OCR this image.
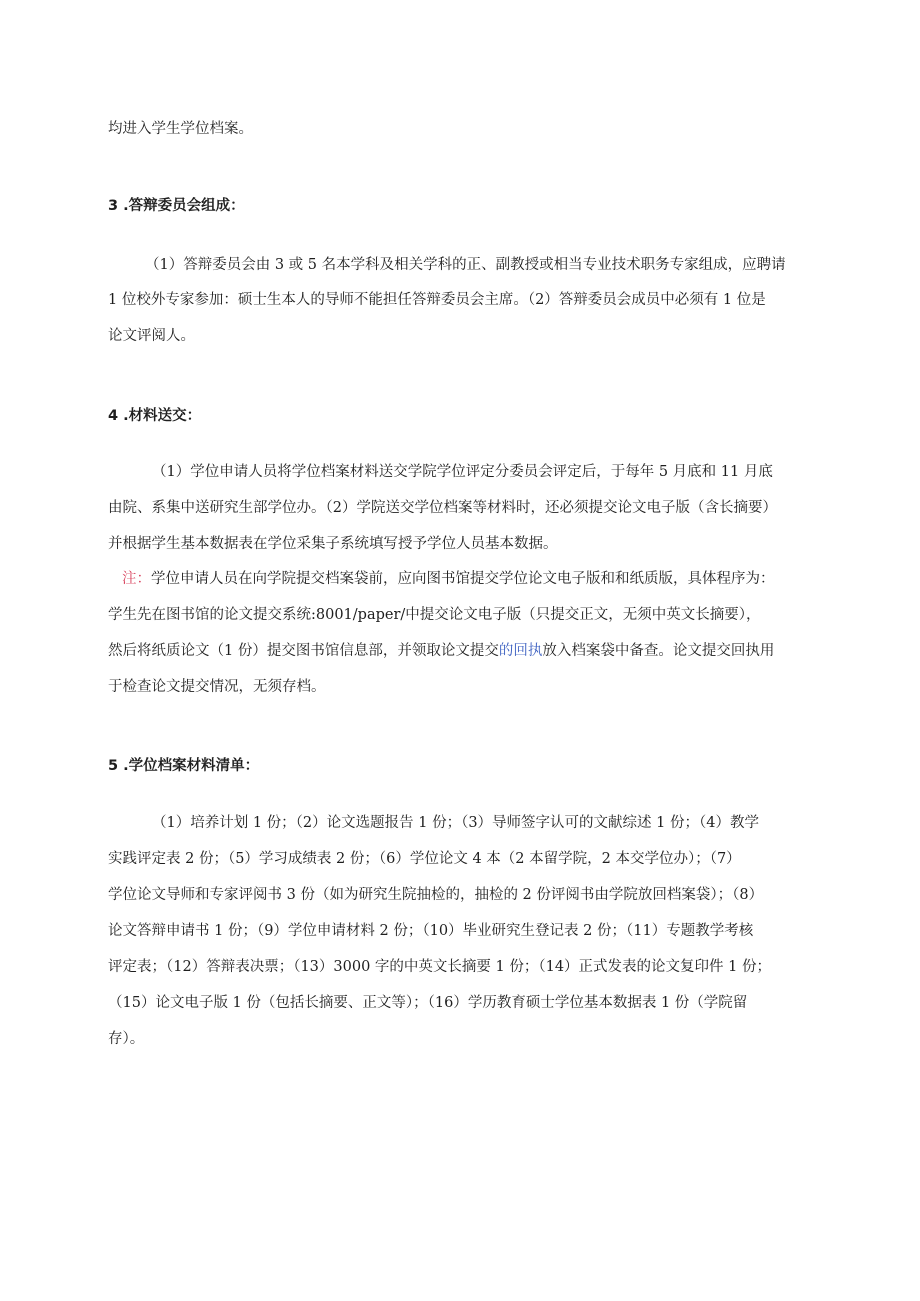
均进入学生学位档案。
3 .答辩委员会组成：
（1）答辩委员会由 3 或 5 名本学科及相关学科的正、副教授或相当专业技术职务专家组成，应聘请
1 位校外专家参加：硕士生本人的导师不能担任答辩委员会主席。（2）答辩委员会成员中必须有 1 位是
论文评阅人。
4 .材料送交：
（1）学位申请人员将学位档案材料送交学院学位评定分委员会评定后，于每年 5 月底和 11 月底
由院、系集中送研究生部学位办。（2）学院送交学位档案等材料时，还必须提交论文电子版（含长摘要）
并根据学生基本数据表在学位采集子系统填写授予学位人员基本数据。
注：学位申请人员在向学院提交档案袋前，应向图书馆提交学位论文电子版和和纸质版，具体程序为：
学生先在图书馆的论文提交系统:8001/paper/中提交论文电子版（只提交正文，无须中英文长摘要），
然后将纸质论文（1 份）提交图书馆信息部，并领取论文提交的回执放入档案袋中备查。论文提交回执用
于检查论文提交情况，无须存档。
5 .学位档案材料清单：
（1）培养计划 1 份；（2）论文选题报告 1 份；（3）导师签字认可的文献综述 1 份；（4）教学
实践评定表 2 份；（5）学习成绩表 2 份；（6）学位论文 4 本（2 本留学院，2 本交学位办）；（7）
学位论文导师和专家评阅书 3 份（如为研究生院抽检的，抽检的 2 份评阅书由学院放回档案袋）；（8）
论文答辩申请书 1 份；（9）学位申请材料 2 份；（10）毕业研究生登记表 2 份；（11）专题教学考核
评定表；（12）答辩表决票；（13）3000 字的中英文长摘要 1 份；（14）正式发表的论文复印件 1 份；
（15）论文电子版 1 份（包括长摘要、正文等）；（16）学历教育硕士学位基本数据表 1 份（学院留
存）。
